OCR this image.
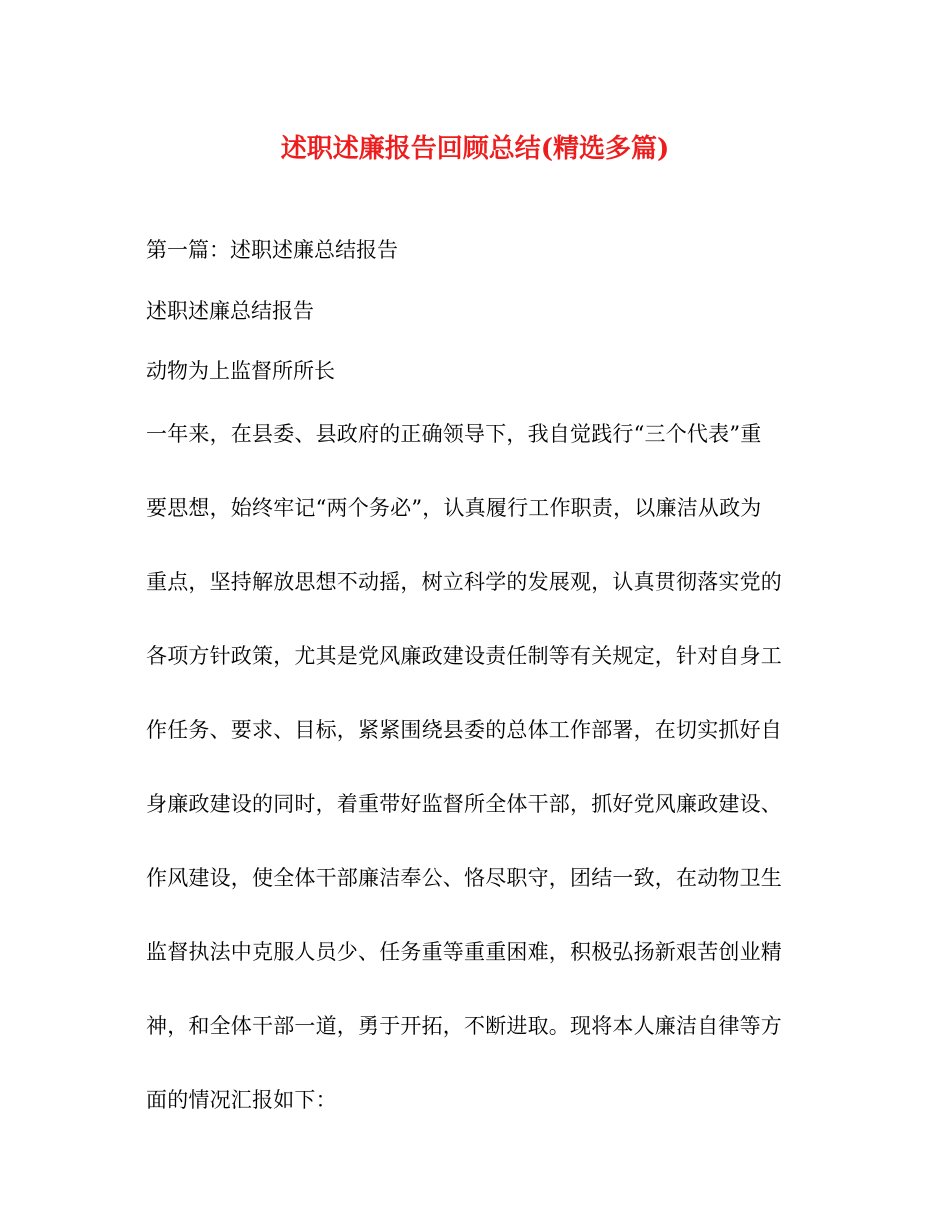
述职述廉报告回顾总结(精选多篇)

第一篇：述职述廉总结报告

述职述廉总结报告

动物为上监督所所长

一年来，在县委、县政府的正确领导下，我自觉践行“三个代表”重
要思想，始终牢记“两个务必”，认真履行工作职责，以廉洁从政为
重点，坚持解放思想不动摇，树立科学的发展观，认真贯彻落实党的
各项方针政策，尤其是党风廉政建设责任制等有关规定，针对自身工
作任务、要求、目标，紧紧围绕县委的总体工作部署，在切实抓好自
身廉政建设的同时，着重带好监督所全体干部，抓好党风廉政建设、
作风建设，使全体干部廉洁奉公、恪尽职守，团结一致，在动物卫生
监督执法中克服人员少、任务重等重重困难，积极弘扬新艰苦创业精
神，和全体干部一道，勇于开拓，不断进取。现将本人廉洁自律等方
面的情况汇报如下：
